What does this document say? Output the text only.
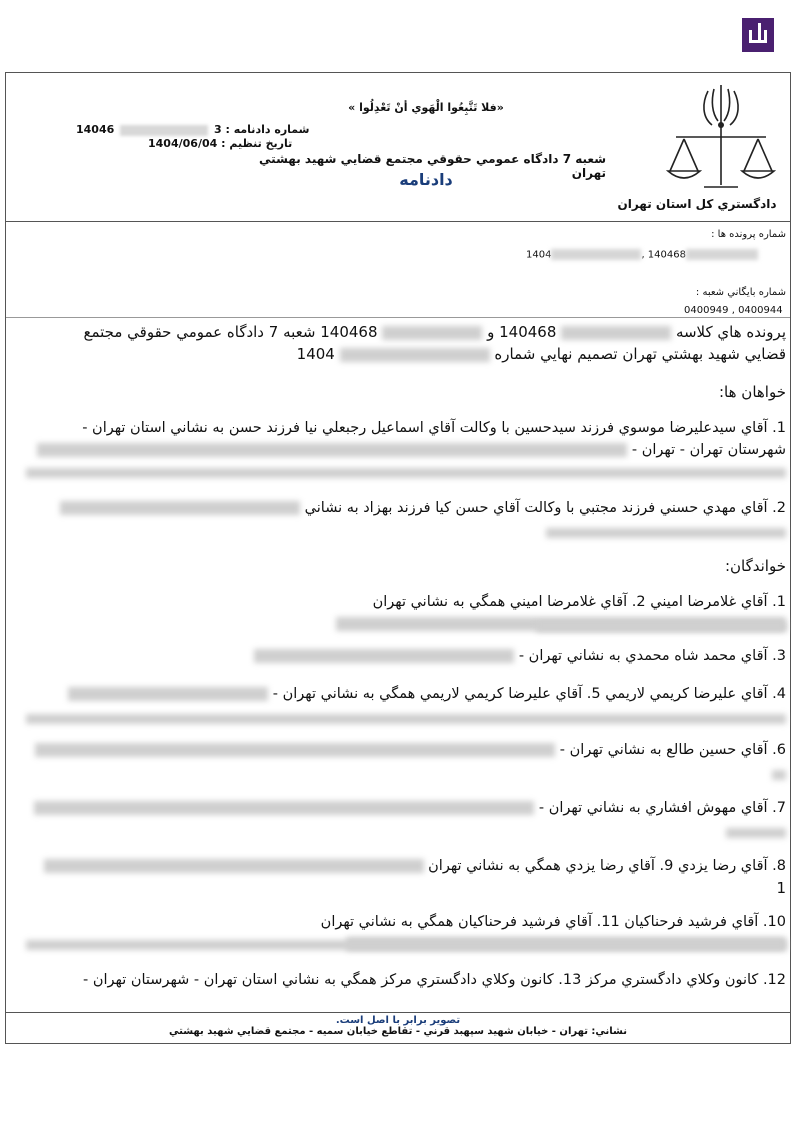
دادگستري كل استان تهران
«فلا تَتَّبِعُوا الْهَوي أنْ تَعْدِلُوا »
شماره دادنامه : 3  14046
تاريخ تنظيم : 1404/06/04
شعبه 7 دادگاه عمومي حقوقي مجتمع قضايي شهيد بهشتي تهران
دادنامه
شماره پرونده ها :
1404	, 140468
شماره بايگاني شعبه :
0400949 , 0400944
پرونده هاي كلاسه  140468 و  140468 شعبه 7 دادگاه عمومي حقوقي مجتمع
قضايي شهيد بهشتي تهران تصميم نهايي شماره  1404
خواهان ها:
1. آقاي سيدعليرضا موسوي فرزند سيدحسين با وكالت آقاي اسماعيل رجبعلي نيا فرزند حسن به نشاني استان تهران -
شهرستان تهران - تهران -
2. آقاي مهدي حسني فرزند مجتبي با وكالت آقاي حسن كيا فرزند بهزاد به نشاني
خواندگان:
1. آقاي غلامرضا اميني 2. آقاي غلامرضا اميني همگي به نشاني تهران
3. آقاي محمد شاه محمدي به نشاني تهران -
4. آقاي عليرضا كريمي لاريمي 5. آقاي عليرضا كريمي لاريمي همگي به نشاني تهران -
6. آقاي حسين طالع به نشاني تهران -
7. آقاي مهوش افشاري به نشاني تهران -
8. آقاي رضا يزدي 9. آقاي رضا يزدي همگي به نشاني تهران
1
10. آقاي فرشيد فرحناكيان 11. آقاي فرشيد فرحناكيان همگي به نشاني تهران
12. كانون وكلاي دادگستري مركز 13. كانون وكلاي دادگستري مركز همگي به نشاني استان تهران - شهرستان تهران -
تصوير برابر با اصل است.
نشاني: تهران - خيابان شهيد سپهبد قرني - تقاطع خيابان سميه - مجتمع قضايي شهيد بهشتي
